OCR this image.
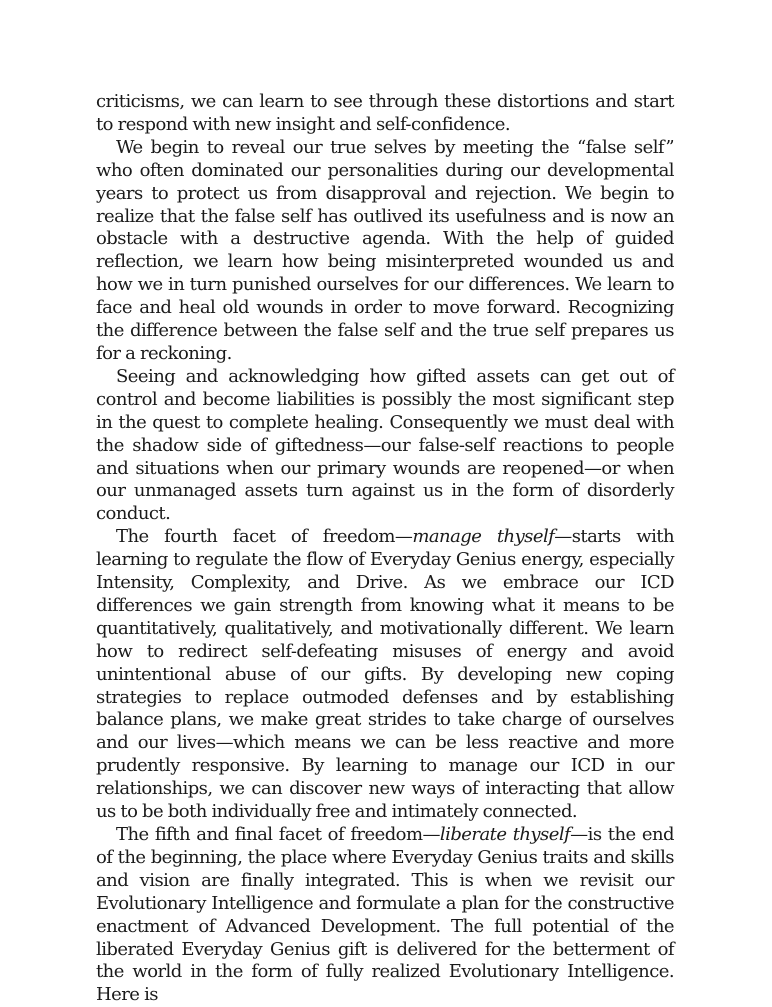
criticisms, we can learn to see through these distortions and start to respond with new insight and self-confidence.

We begin to reveal our true selves by meeting the “false self” who often dominated our personalities during our developmental years to protect us from disapproval and rejection. We begin to realize that the false self has outlived its usefulness and is now an obstacle with a destructive agenda. With the help of guided reflection, we learn how being misinterpreted wounded us and how we in turn punished ourselves for our differences. We learn to face and heal old wounds in order to move forward. Recognizing the difference between the false self and the true self prepares us for a reckoning.

Seeing and acknowledging how gifted assets can get out of control and become liabilities is possibly the most significant step in the quest to complete healing. Consequently we must deal with the shadow side of giftedness—our false-self reactions to people and situations when our primary wounds are reopened—or when our unmanaged assets turn against us in the form of disorderly conduct.

The fourth facet of freedom—manage thyself—starts with learning to regulate the flow of Everyday Genius energy, especially Intensity, Complexity, and Drive. As we embrace our ICD differences we gain strength from knowing what it means to be quantitatively, qualitatively, and motivationally different. We learn how to redirect self-defeating misuses of energy and avoid unintentional abuse of our gifts. By developing new coping strategies to replace outmoded defenses and by establishing balance plans, we make great strides to take charge of ourselves and our lives—which means we can be less reactive and more prudently responsive. By learning to manage our ICD in our relationships, we can discover new ways of interacting that allow us to be both individually free and intimately connected.

The fifth and final facet of freedom—liberate thyself—is the end of the beginning, the place where Everyday Genius traits and skills and vision are finally integrated. This is when we revisit our Evolutionary Intelligence and formulate a plan for the constructive enactment of Advanced Development. The full potential of the liberated Everyday Genius gift is delivered for the betterment of the world in the form of fully realized Evolutionary Intelligence. Here is
